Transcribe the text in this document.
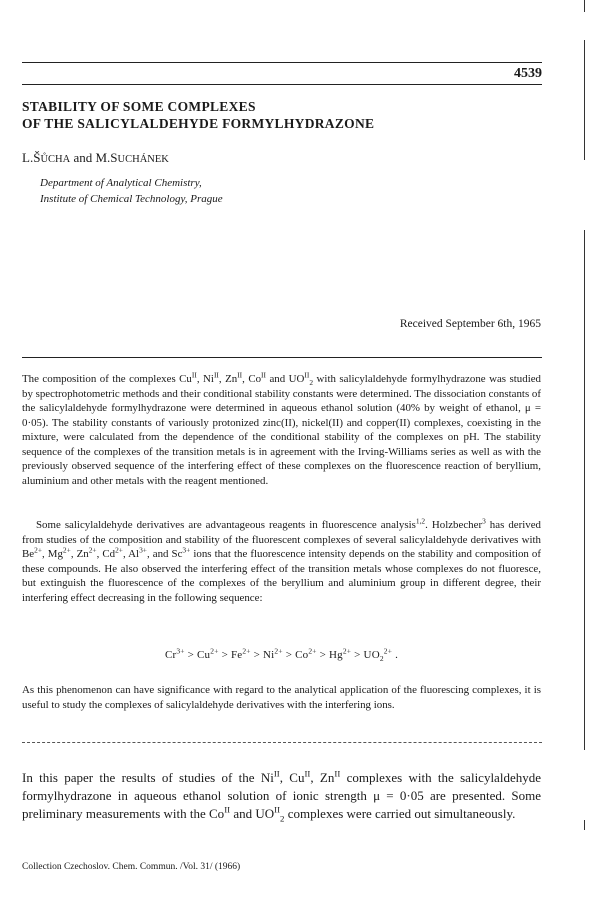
4539
STABILITY OF SOME COMPLEXES
OF THE SALICYLALDEHYDE FORMYLHYDRAZONE
L.ŠŮCHA and M.SUCHÁNEK
Department of Analytical Chemistry,
Institute of Chemical Technology, Prague
Received September 6th, 1965
The composition of the complexes $Cu^{II}$, $Ni^{II}$, $Zn^{II}$, $Co^{II}$ and $UO^{II}_2$ with salicylaldehyde formylhydrazone was studied by spectrophotometric methods and their conditional stability constants were determined. The dissociation constants of the salicylaldehyde formylhydrazone were determined in aqueous ethanol solution (40% by weight of ethanol, μ = 0·05). The stability constants of variously protonized zinc(II), nickel(II) and copper(II) complexes, coexisting in the mixture, were calculated from the dependence of the conditional stability of the complexes on pH. The stability sequence of the complexes of the transition metals is in agreement with the Irving-Williams series as well as with the previously observed sequence of the interfering effect of these complexes on the fluorescence reaction of beryllium, aluminium and other metals with the reagent mentioned.
Some salicylaldehyde derivatives are advantageous reagents in fluorescence analysis$^{1,2}$. Holzbecher$^3$ has derived from studies of the composition and stability of the fluorescent complexes of several salicylaldehyde derivatives with $Be^{2+}$, $Mg^{2+}$, $Zn^{2+}$, $Cd^{2+}$, $Al^{3+}$, and $Sc^{3+}$ ions that the fluorescence intensity depends on the stability and composition of these compounds. He also observed the interfering effect of the transition metals whose complexes do not fluoresce, but extinguish the fluorescence of the complexes of the beryllium and aluminium group in different degree, their interfering effect decreasing in the following sequence:
$Cr^{3+} > Cu^{2+} > Fe^{2+} > Ni^{2+} > Co^{2+} > Hg^{2+} > UO_2^{2+}$ .
As this phenomenon can have significance with regard to the analytical application of the fluorescing complexes, it is useful to study the complexes of salicylaldehyde derivatives with the interfering ions.
In this paper the results of studies of the $Ni^{II}$, $Cu^{II}$, $Zn^{II}$ complexes with the salicylaldehyde formylhydrazone in aqueous ethanol solution of ionic strength μ = 0·05 are presented. Some preliminary measurements with the $Co^{II}$ and $UO^{II}_2$ complexes were carried out simultaneously.
Collection Czechoslov. Chem. Commun. /Vol. 31/ (1966)
